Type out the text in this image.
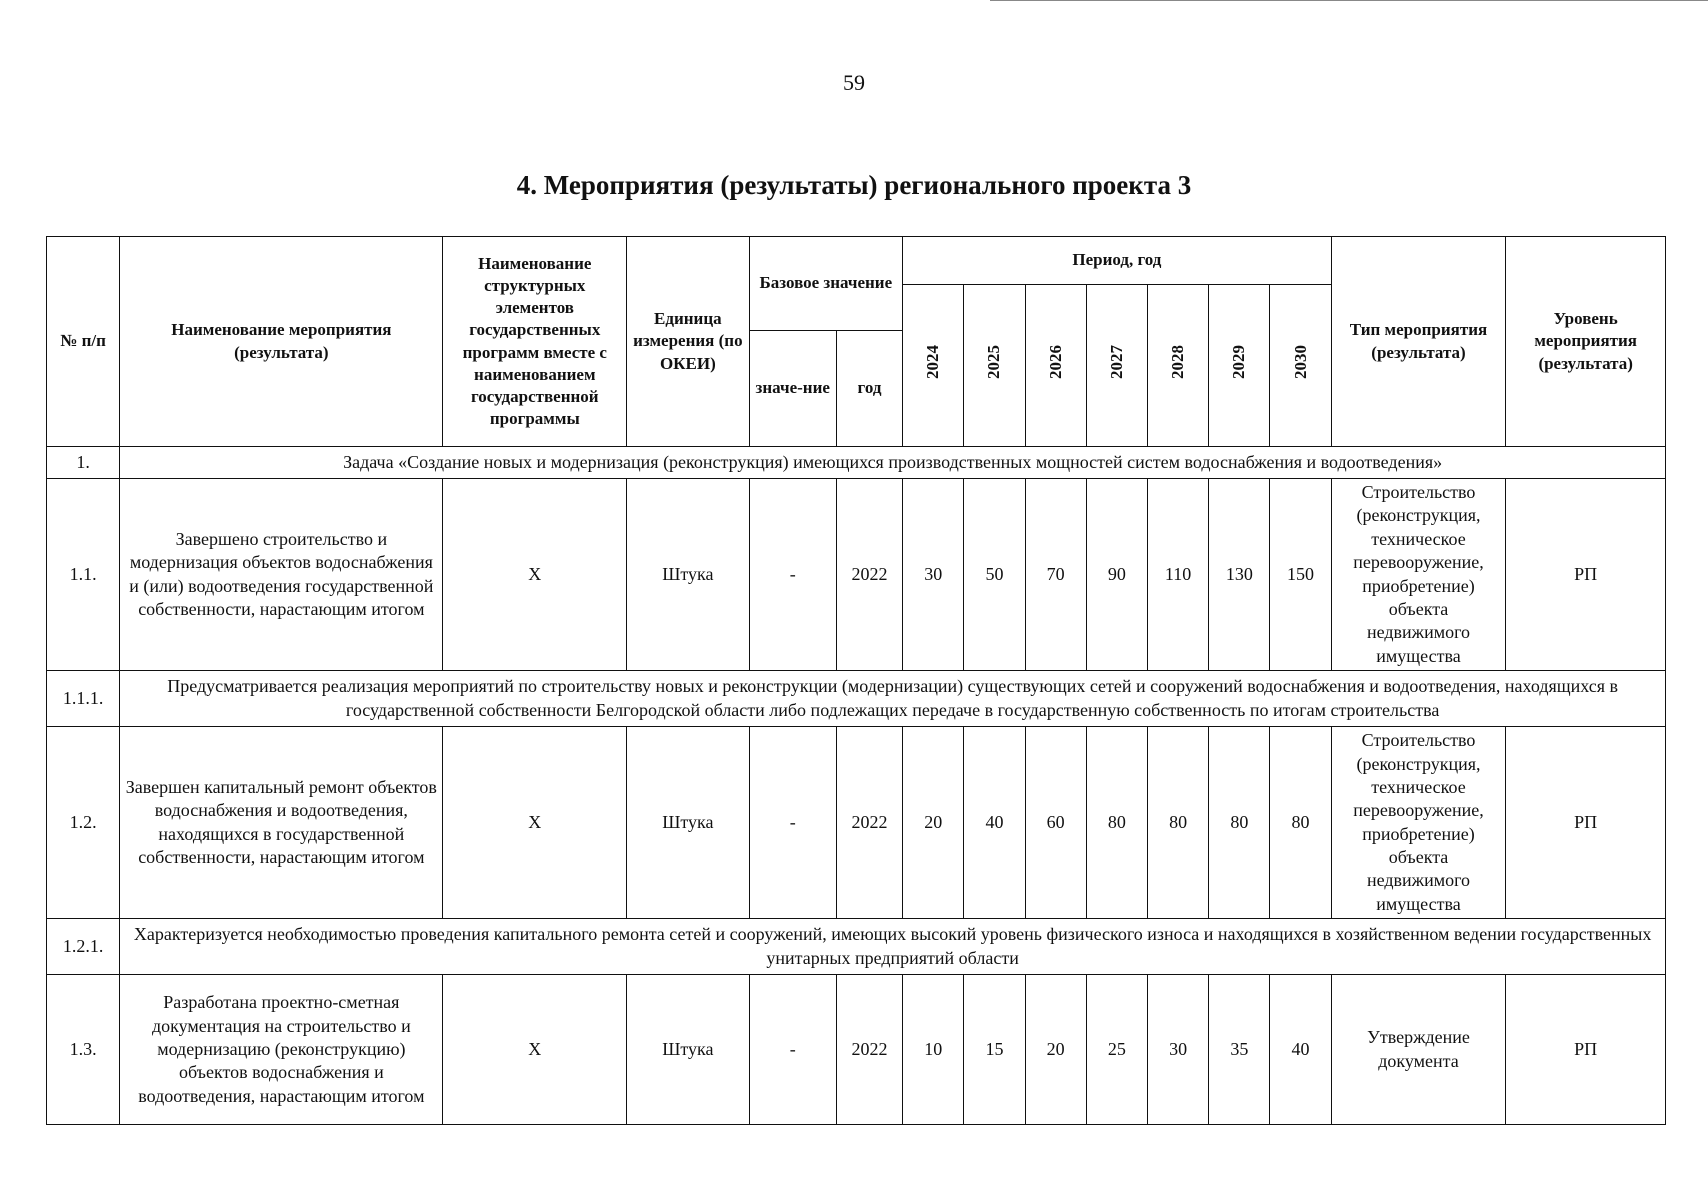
59
4. Мероприятия (результаты) регионального проекта 3
№ п/п	Наименование мероприятия (результата)	Наименование структурных элементов государственных программ вместе с наименованием государственной программы	Единица измерения (по ОКЕИ)	Базовое значение		Период, год							Тип мероприятия (результата)	Уровень мероприятия (результата)
						2024	2025	2026	2027	2028	2029	2030		
				значе-ние	год									
1.	Задача «Создание новых и модернизация (реконструкция) имеющихся производственных мощностей систем водоснабжения и водоотведения»													
1.1.	Завершено строительство и модернизация объектов водоснабжения и (или) водоотведения государственной собственности, нарастающим итогом	Х	Штука	-	2022	30	50	70	90	110	130	150	Строительство (реконструкция, техническое перевооружение, приобретение) объекта недвижимого имущества	РП
1.1.1.	Предусматривается реализация мероприятий по строительству новых и реконструкции (модернизации) существующих сетей и сооружений водоснабжения и водоотведения, находящихся в государственной собственности Белгородской области либо подлежащих передаче в государственную собственность по итогам строительства													
1.2.	Завершен капитальный ремонт объектов водоснабжения и водоотведения, находящихся в государственной собственности, нарастающим итогом	Х	Штука	-	2022	20	40	60	80	80	80	80	Строительство (реконструкция, техническое перевооружение, приобретение) объекта недвижимого имущества	РП
1.2.1.	Характеризуется необходимостью проведения капитального ремонта сетей и сооружений, имеющих высокий уровень физического износа и находящихся в хозяйственном ведении государственных унитарных предприятий области													
1.3.	Разработана проектно-сметная документация на строительство и модернизацию (реконструкцию) объектов водоснабжения и водоотведения, нарастающим итогом	Х	Штука	-	2022	10	15	20	25	30	35	40	Утверждение документа	РП
